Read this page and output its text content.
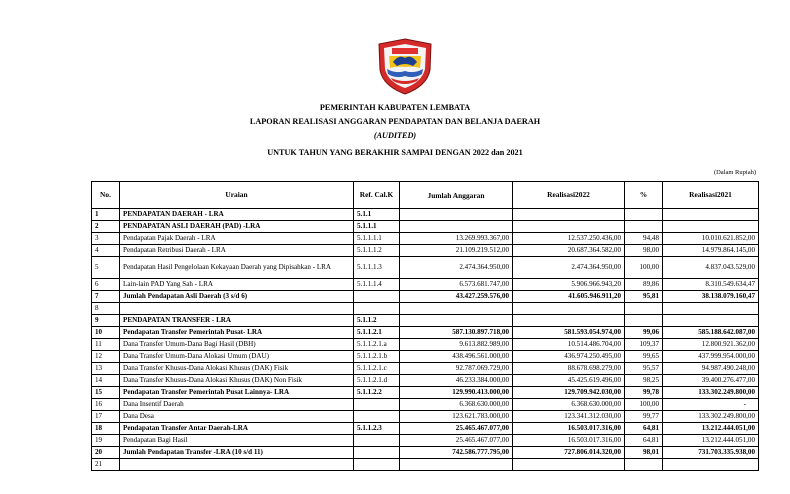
PEMERINTAH KABUPATEN LEMBATA
LAPORAN REALISASI ANGGARAN PENDAPATAN DAN BELANJA DAERAH
(AUDITED)
UNTUK TAHUN YANG BERAKHIR SAMPAI DENGAN 2022 dan 2021
(Dalam Rupiah)
No.	Uraian	Ref. Cal.K	Jumlah Anggaran	Realisasi2022	%	Realisasi2021
1	PENDAPATAN DAERAH - LRA	5.1.1				
2	PENDAPATAN ASLI DAERAH (PAD) -LRA	5.1.1.1				
3	Pendapatan Pajak Daerah - LRA	5.1.1.1.1	13.269.993.367,00	12.537.250.436,00	94,48	10.010.621.852,00
4	Pendapatan Retribusi Daerah - LRA	5.1.1.1.2	21.109.219.512,00	20.687.364.582,00	98,00	14.979.864.145,00
5	Pendapatan Hasil Pengelolaan Kekayaan Daerah yang Dipisahkan - LRA	5.1.1.1.3	2.474.364.950,00	2.474.364.950,00	100,00	4.837.043.529,00
6	Lain-lain PAD Yang Sah - LRA	5.1.1.1.4	6.573.681.747,00	5.906.966.943,20	89,86	8.310.549.634,47
7	Jumlah Pendapatan Asli Daerah (3 s/d 6)		43.427.259.576,00	41.605.946.911,20	95,81	38.138.079.160,47
8						
9	PENDAPATAN TRANSFER - LRA	5.1.1.2				
10	Pendapatan Transfer Pemerintah Pusat- LRA	5.1.1.2.1	587.130.897.718,00	581.593.054.974,00	99,06	585.188.642.087,00
11	Dana Transfer Umum-Dana Bagi Hasil (DBH)	5.1.1.2.1.a	9.613.882.989,00	10.514.486.704,00	109,37	12.800.921.362,00
12	Dana Transfer Umum-Dana Alokasi Umum (DAU)	5.1.1.2.1.b	438.496.561.000,00	436.974.250.495,00	99,65	437.999.954.000,00
13	Dana Transfer Khusus-Dana Alokasi Khusus (DAK) Fisik	5.1.1.2.1.c	92.787.069.729,00	88.678.698.279,00	95,57	94.987.490.248,00
14	Dana Transfer Khusus-Dana Alokasi Khusus (DAK) Non Fisik	5.1.1.2.1.d	46.233.384.000,00	45.425.619.496,00	98,25	39.400.276.477,00
15	Pendapatan Transfer Pemerintah Pusat Lainnya- LRA	5.1.1.2.2	129.990.413.000,00	129.709.942.030,00	99,78	133.302.249.800,00
16	Dana Insentif Daerah		6.368.630.000,00	6.368.630.000,00	100,00	-
17	Dana Desa		123.621.783.000,00	123.341.312.030,00	99,77	133.302.249.800,00
18	Pendapatan Transfer Antar Daerah-LRA	5.1.1.2.3	25.465.467.077,00	16.503.017.316,00	64,81	13.212.444.051,00
19	Pendapatan Bagi Hasil		25.465.467.077,00	16.503.017.316,00	64,81	13.212.444.051,00
20	Jumlah Pendapatan Transfer -LRA (10 s/d 11)		742.586.777.795,00	727.806.014.320,00	98,01	731.703.335.938,00
21						
